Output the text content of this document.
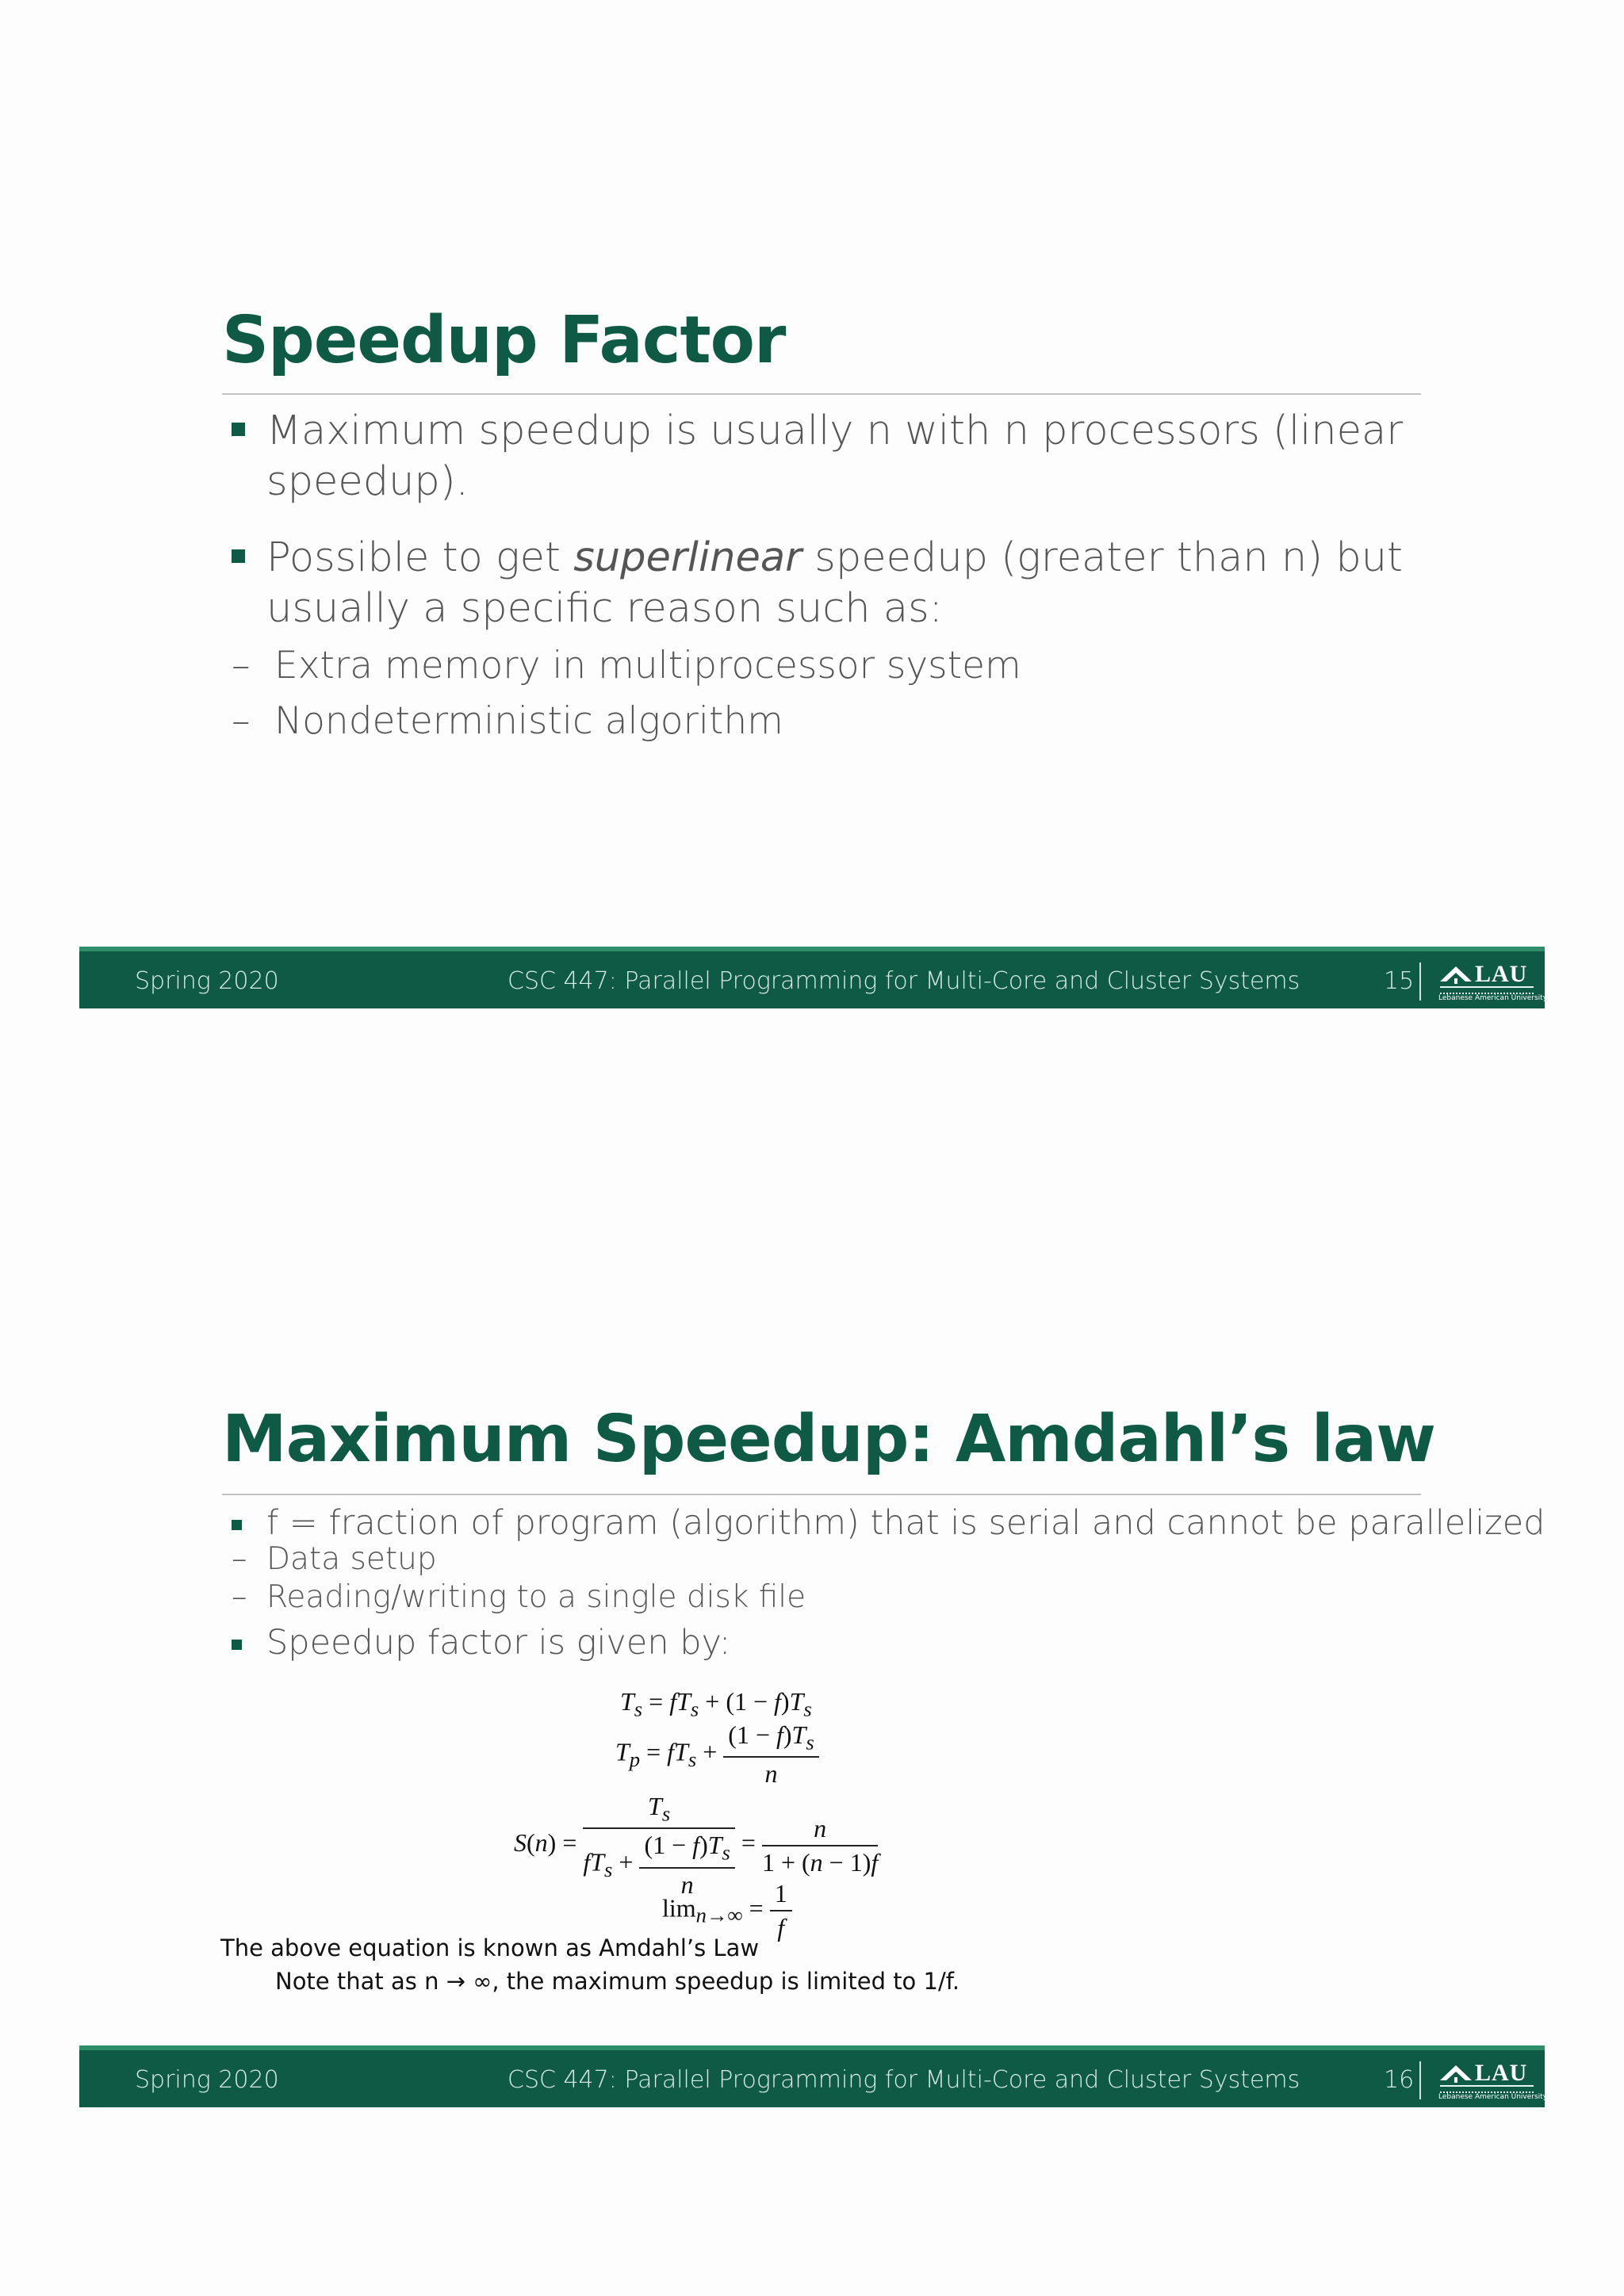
Speedup Factor
Maximum speedup is usually n with n processors (linear
speedup).
Possible to get superlinear speedup (greater than n) but
usually a specific reason such as:
– Extra memory in multiprocessor system
– Nondeterministic algorithm
Spring 2020	CSC 447: Parallel Programming for Multi-Core and Cluster Systems	15	LAU
Lebanese American University
Maximum Speedup: Amdahl’s law
f = fraction of program (algorithm) that is serial and cannot be parallelized
– Data setup
– Reading/writing to a single disk file
Speedup factor is given by:
$T_s = fT_s + (1 - f)T_s$
$T_p = fT_s + \frac{(1 - f)T_s}{n}$
$S(n) = \frac{T_s}{fT_s + \frac{(1 - f)T_s}{n}} = \frac{n}{1 + (n - 1)f}$
$\lim_{n\to\infty} = \frac{1}{f}$
The above equation is known as Amdahl’s Law
Note that as n → ∞, the maximum speedup is limited to 1/f.
Spring 2020	CSC 447: Parallel Programming for Multi-Core and Cluster Systems	16	LAU
Lebanese American University
